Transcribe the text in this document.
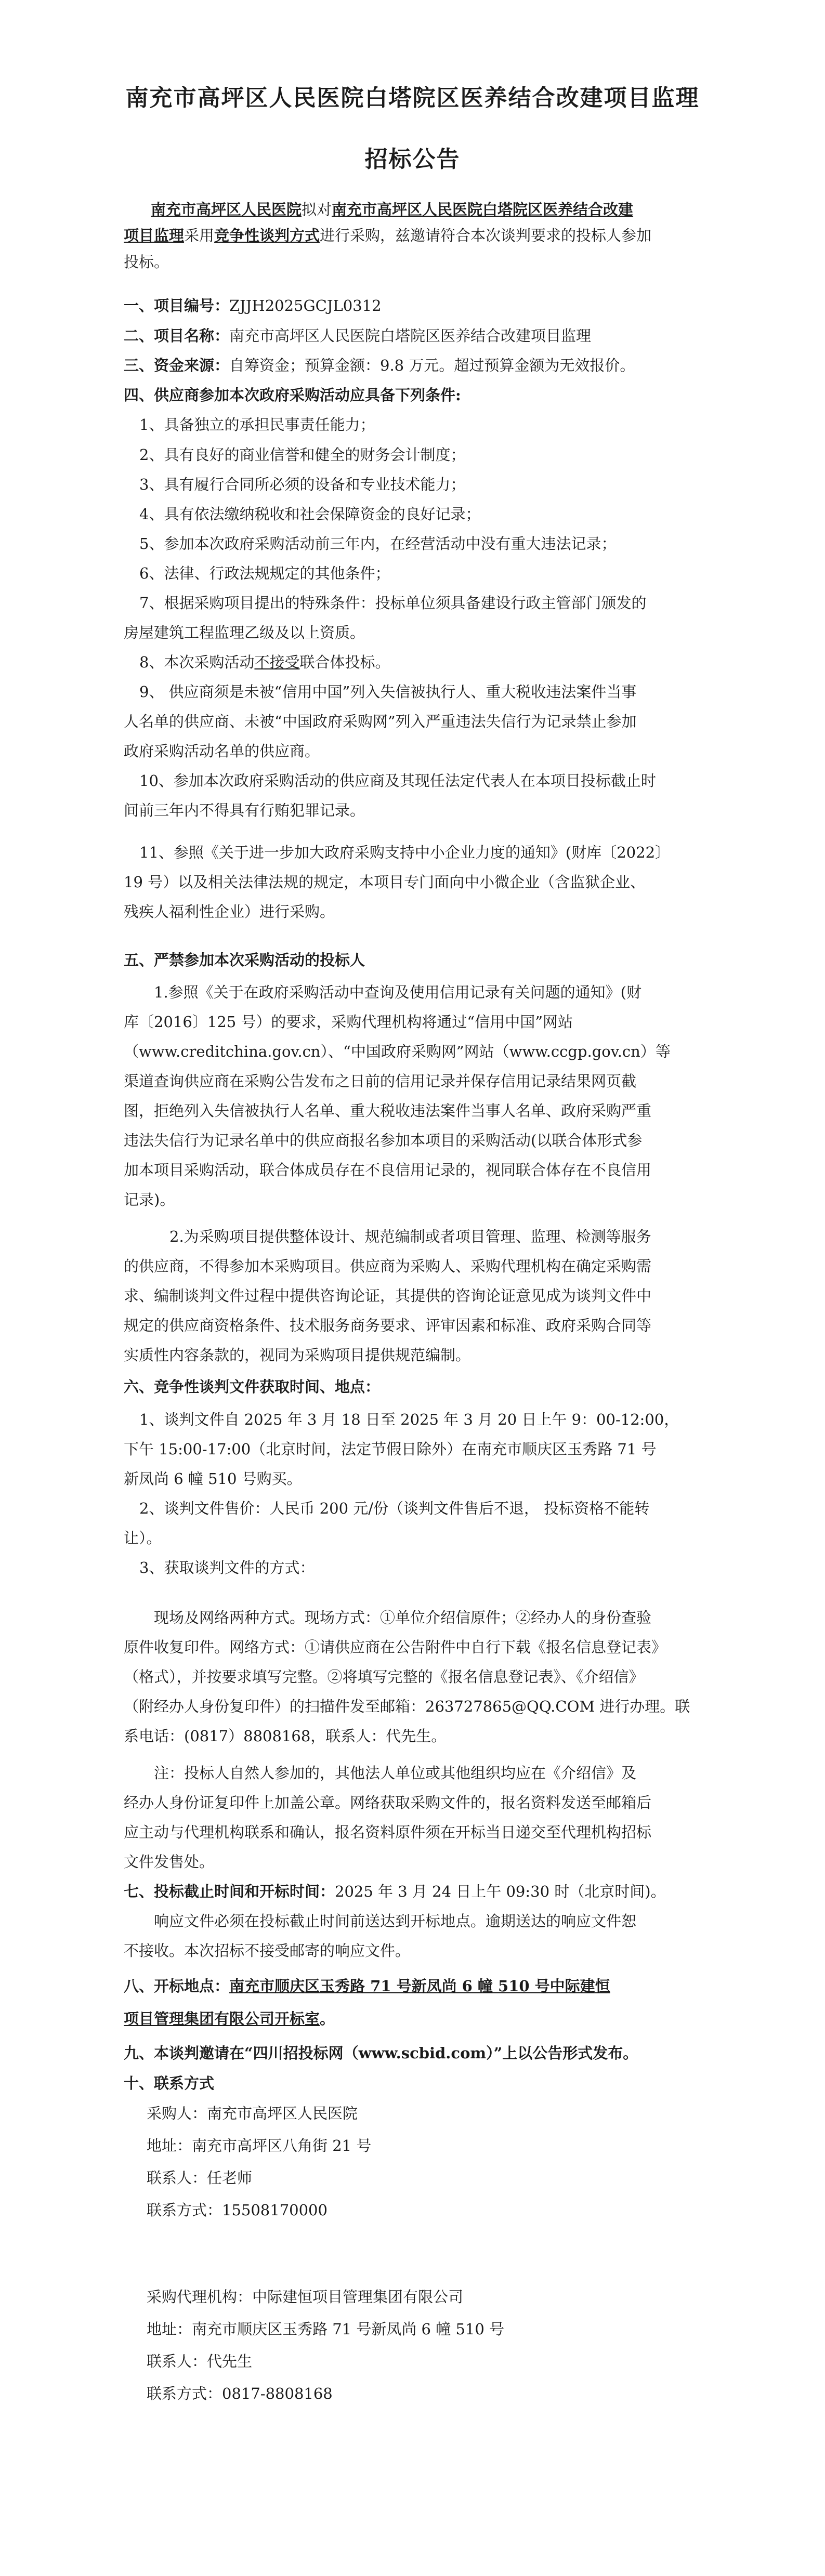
南充市高坪区人民医院白塔院区医养结合改建项目监理
招标公告
南充市高坪区人民医院拟对南充市高坪区人民医院白塔院区医养结合改建
项目监理采用竞争性谈判方式进行采购，兹邀请符合本次谈判要求的投标人参加
投标。
一、项目编号：ZJJH2025GCJL0312
二、项目名称：南充市高坪区人民医院白塔院区医养结合改建项目监理
三、资金来源：自筹资金；预算金额：9.8 万元。超过预算金额为无效报价。
四、供应商参加本次政府采购活动应具备下列条件:
1、具备独立的承担民事责任能力；
2、具有良好的商业信誉和健全的财务会计制度；
3、具有履行合同所必须的设备和专业技术能力；
4、具有依法缴纳税收和社会保障资金的良好记录；
5、参加本次政府采购活动前三年内，在经营活动中没有重大违法记录；
6、法律、行政法规规定的其他条件；
7、根据采购项目提出的特殊条件：投标单位须具备建设行政主管部门颁发的
房屋建筑工程监理乙级及以上资质。
8、本次采购活动不接受联合体投标。
9、 供应商须是未被“信用中国”列入失信被执行人、重大税收违法案件当事
人名单的供应商、未被“中国政府采购网”列入严重违法失信行为记录禁止参加
政府采购活动名单的供应商。
10、参加本次政府采购活动的供应商及其现任法定代表人在本项目投标截止时
间前三年内不得具有行贿犯罪记录。
11、参照《关于进一步加大政府采购支持中小企业力度的通知》(财库〔2022〕
19 号）以及相关法律法规的规定，本项目专门面向中小微企业（含监狱企业、
残疾人福利性企业）进行采购。
五、严禁参加本次采购活动的投标人
1.参照《关于在政府采购活动中查询及使用信用记录有关问题的通知》(财
库〔2016〕125 号）的要求，采购代理机构将通过“信用中国”网站
（www.creditchina.gov.cn）、“中国政府采购网”网站（www.ccgp.gov.cn）等
渠道查询供应商在采购公告发布之日前的信用记录并保存信用记录结果网页截
图，拒绝列入失信被执行人名单、重大税收违法案件当事人名单、政府采购严重
违法失信行为记录名单中的供应商报名参加本项目的采购活动(以联合体形式参
加本项目采购活动，联合体成员存在不良信用记录的，视同联合体存在不良信用
记录)。
2.为采购项目提供整体设计、规范编制或者项目管理、监理、检测等服务
的供应商，不得参加本采购项目。供应商为采购人、采购代理机构在确定采购需
求、编制谈判文件过程中提供咨询论证，其提供的咨询论证意见成为谈判文件中
规定的供应商资格条件、技术服务商务要求、评审因素和标准、政府采购合同等
实质性内容条款的，视同为采购项目提供规范编制。
六、竞争性谈判文件获取时间、地点：
1、谈判文件自 2025 年 3 月 18 日至 2025 年 3 月 20 日上午 9：00-12:00，
下午 15:00-17:00（北京时间，法定节假日除外）在南充市顺庆区玉秀路 71 号
新凤尚 6 幢 510 号购买。
2、谈判文件售价：人民币 200 元/份（谈判文件售后不退， 投标资格不能转
让）。
3、获取谈判文件的方式：
现场及网络两种方式。现场方式：①单位介绍信原件；②经办人的身份查验
原件收复印件。网络方式：①请供应商在公告附件中自行下载《报名信息登记表》
（格式），并按要求填写完整。②将填写完整的《报名信息登记表》、《介绍信》
（附经办人身份复印件）的扫描件发至邮箱：263727865@QQ.COM 进行办理。联
系电话：(0817）8808168，联系人：代先生。
注：投标人自然人参加的，其他法人单位或其他组织均应在《介绍信》及
经办人身份证复印件上加盖公章。网络获取采购文件的，报名资料发送至邮箱后
应主动与代理机构联系和确认，报名资料原件须在开标当日递交至代理机构招标
文件发售处。
七、投标截止时间和开标时间：2025 年 3 月 24 日上午 09:30 时（北京时间)。
响应文件必须在投标截止时间前送达到开标地点。逾期送达的响应文件恕
不接收。本次招标不接受邮寄的响应文件。
八、开标地点：南充市顺庆区玉秀路 71 号新凤尚 6 幢 510 号中际建恒
项目管理集团有限公司开标室。
九、本谈判邀请在“四川招投标网（www.scbid.com）”上以公告形式发布。
十、联系方式
采购人：南充市高坪区人民医院
地址：南充市高坪区八角街 21 号
联系人：任老师
联系方式：15508170000
采购代理机构：中际建恒项目管理集团有限公司
地址：南充市顺庆区玉秀路 71 号新凤尚 6 幢 510 号
联系人：代先生
联系方式：0817-8808168
